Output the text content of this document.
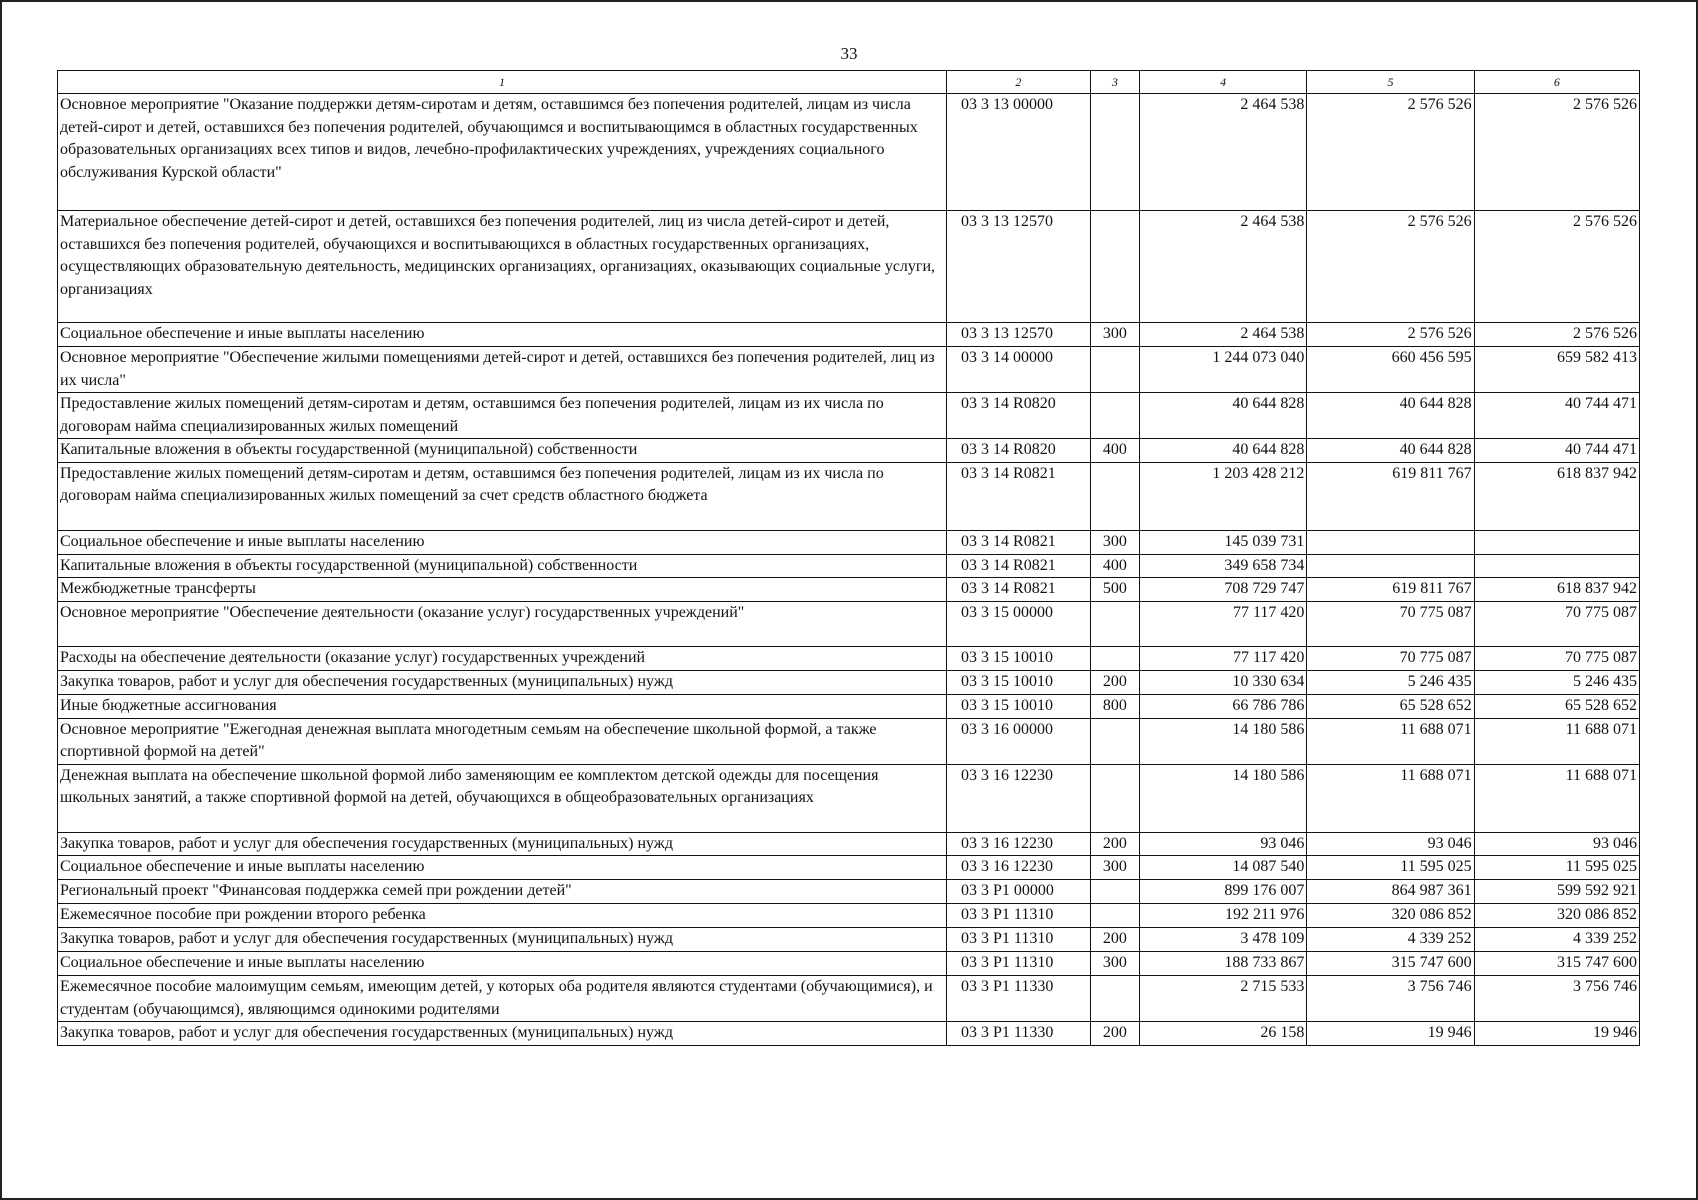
33
1	2	3	4	5	6
Основное мероприятие "Оказание поддержки детям-сиротам и детям, оставшимся без попечения родителей, лицам из числа детей-сирот и детей, оставшихся без попечения родителей, обучающимся и воспитывающимся в областных государственных образовательных организациях всех типов и видов, лечебно-профилактических учреждениях, учреждениях социального обслуживания Курской области"	03 3 13 00000		2 464 538	2 576 526	2 576 526
Материальное обеспечение детей-сирот и детей, оставшихся без попечения родителей, лиц из числа детей-сирот и детей, оставшихся без попечения родителей, обучающихся и воспитывающихся в областных государственных организациях, осуществляющих образовательную деятельность, медицинских организациях, организациях, оказывающих социальные услуги, организациях	03 3 13 12570		2 464 538	2 576 526	2 576 526
Социальное обеспечение и иные выплаты населению	03 3 13 12570	300	2 464 538	2 576 526	2 576 526
Основное мероприятие "Обеспечение жилыми помещениями детей-сирот и детей, оставшихся без попечения родителей, лиц из их числа"	03 3 14 00000		1 244 073 040	660 456 595	659 582 413
Предоставление жилых помещений детям-сиротам и детям, оставшимся без попечения родителей, лицам из их числа по договорам найма специализированных жилых помещений	03 3 14 R0820		40 644 828	40 644 828	40 744 471
Капитальные вложения в объекты государственной (муниципальной) собственности	03 3 14 R0820	400	40 644 828	40 644 828	40 744 471
Предоставление жилых помещений детям-сиротам и детям, оставшимся без попечения родителей, лицам из их числа по договорам найма специализированных жилых помещений за счет средств областного бюджета	03 3 14 R0821		1 203 428 212	619 811 767	618 837 942
Социальное обеспечение и иные выплаты населению	03 3 14 R0821	300	145 039 731		
Капитальные вложения в объекты государственной (муниципальной) собственности	03 3 14 R0821	400	349 658 734		
Межбюджетные трансферты	03 3 14 R0821	500	708 729 747	619 811 767	618 837 942
Основное мероприятие "Обеспечение деятельности (оказание услуг) государственных учреждений"	03 3 15 00000		77 117 420	70 775 087	70 775 087
Расходы на обеспечение деятельности (оказание услуг) государственных учреждений	03 3 15 10010		77 117 420	70 775 087	70 775 087
Закупка товаров, работ и услуг для обеспечения государственных (муниципальных) нужд	03 3 15 10010	200	10 330 634	5 246 435	5 246 435
Иные бюджетные ассигнования	03 3 15 10010	800	66 786 786	65 528 652	65 528 652
Основное мероприятие "Ежегодная денежная выплата многодетным семьям на обеспечение школьной формой, а также спортивной формой на детей"	03 3 16 00000		14 180 586	11 688 071	11 688 071
Денежная выплата на обеспечение школьной формой либо заменяющим ее комплектом детской одежды для посещения школьных занятий, а также спортивной формой на детей, обучающихся в общеобразовательных организациях	03 3 16 12230		14 180 586	11 688 071	11 688 071
Закупка товаров, работ и услуг для обеспечения государственных (муниципальных) нужд	03 3 16 12230	200	93 046	93 046	93 046
Социальное обеспечение и иные выплаты населению	03 3 16 12230	300	14 087 540	11 595 025	11 595 025
Региональный проект "Финансовая поддержка семей при рождении детей"	03 3 P1 00000		899 176 007	864 987 361	599 592 921
Ежемесячное пособие при рождении второго ребенка	03 3 P1 11310		192 211 976	320 086 852	320 086 852
Закупка товаров, работ и услуг для обеспечения государственных (муниципальных) нужд	03 3 P1 11310	200	3 478 109	4 339 252	4 339 252
Социальное обеспечение и иные выплаты населению	03 3 P1 11310	300	188 733 867	315 747 600	315 747 600
Ежемесячное пособие малоимущим семьям, имеющим детей, у которых оба родителя являются студентами (обучающимися), и студентам (обучающимся), являющимся одинокими родителями	03 3 P1 11330		2 715 533	3 756 746	3 756 746
Закупка товаров, работ и услуг для обеспечения государственных (муниципальных) нужд	03 3 P1 11330	200	26 158	19 946	19 946
